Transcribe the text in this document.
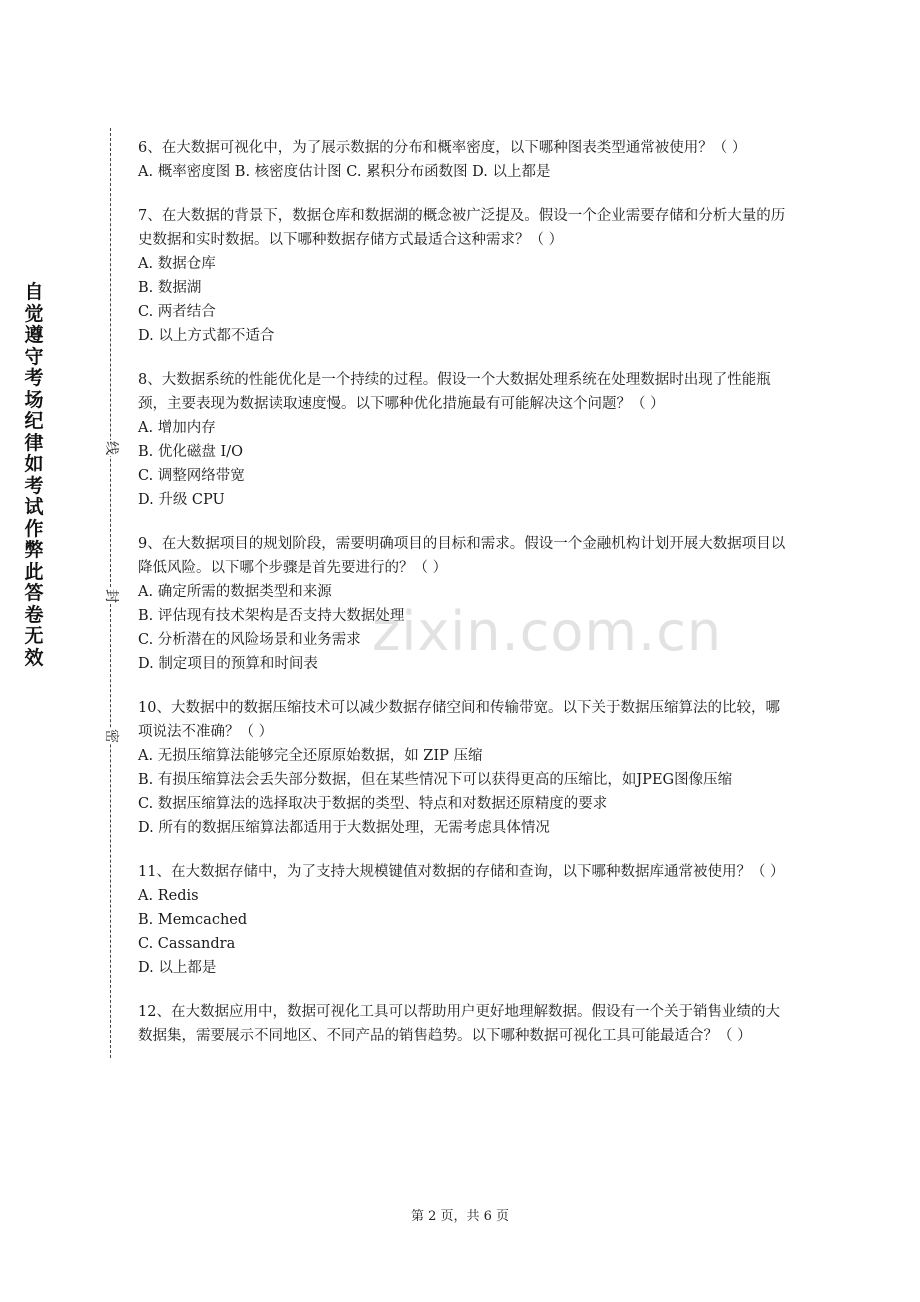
自
觉
遵
守
考
场
纪
律
如
考
试
作
弊
此
答
卷
无
效
线
封
密
zixin.com.cn

6、在大数据可视化中，为了展示数据的分布和概率密度，以下哪种图表类型通常被使用？（ ）

A. 概率密度图 B. 核密度估计图 C. 累积分布函数图 D. 以上都是

7、在大数据的背景下，数据仓库和数据湖的概念被广泛提及。假设一个企业需要存储和分析大量的历史数据和实时数据。以下哪种数据存储方式最适合这种需求？（ ）

A. 数据仓库

B. 数据湖

C. 两者结合

D. 以上方式都不适合

8、大数据系统的性能优化是一个持续的过程。假设一个大数据处理系统在处理数据时出现了性能瓶颈，主要表现为数据读取速度慢。以下哪种优化措施最有可能解决这个问题？（ ）

A. 增加内存

B. 优化磁盘 I/O

C. 调整网络带宽

D. 升级 CPU

9、在大数据项目的规划阶段，需要明确项目的目标和需求。假设一个金融机构计划开展大数据项目以降低风险。以下哪个步骤是首先要进行的？（ ）

A. 确定所需的数据类型和来源

B. 评估现有技术架构是否支持大数据处理

C. 分析潜在的风险场景和业务需求

D. 制定项目的预算和时间表

10、大数据中的数据压缩技术可以减少数据存储空间和传输带宽。以下关于数据压缩算法的比较，哪项说法不准确？（ ）

A. 无损压缩算法能够完全还原原始数据，如 ZIP 压缩

B. 有损压缩算法会丢失部分数据，但在某些情况下可以获得更高的压缩比，如JPEG图像压缩

C. 数据压缩算法的选择取决于数据的类型、特点和对数据还原精度的要求

D. 所有的数据压缩算法都适用于大数据处理，无需考虑具体情况

11、在大数据存储中，为了支持大规模键值对数据的存储和查询，以下哪种数据库通常被使用？（ ）

A. Redis

B. Memcached

C. Cassandra

D. 以上都是

12、在大数据应用中，数据可视化工具可以帮助用户更好地理解数据。假设有一个关于销售业绩的大数据集，需要展示不同地区、不同产品的销售趋势。以下哪种数据可视化工具可能最适合？（ ）

第 2 页，共 6 页
